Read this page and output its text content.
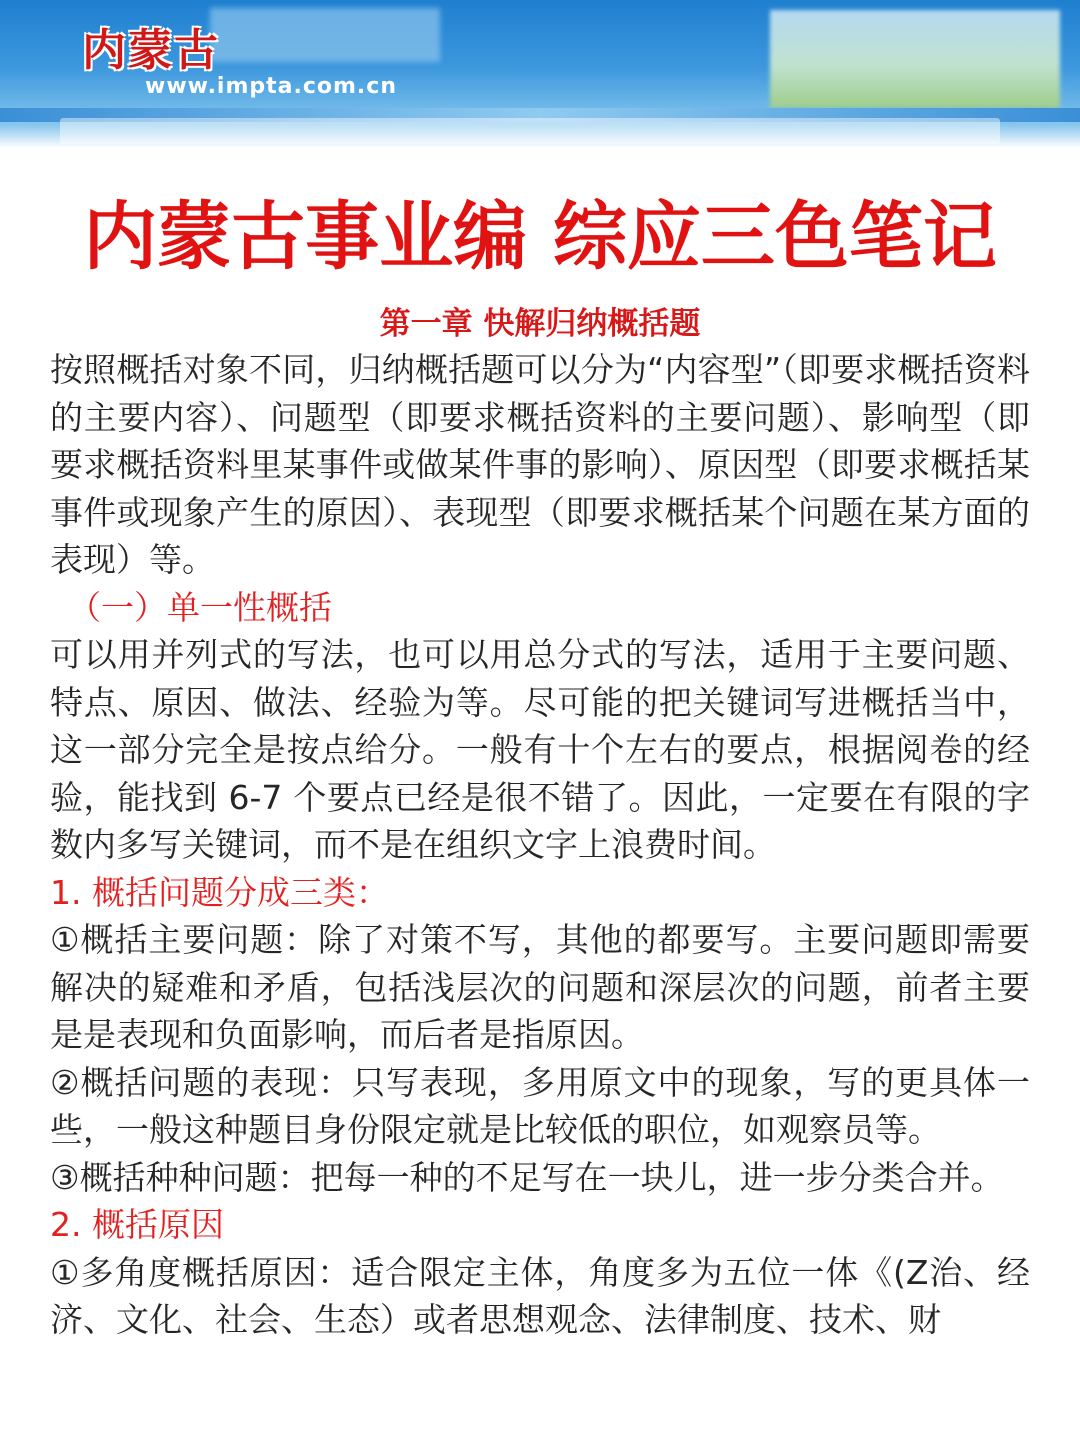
内蒙古
www.impta.com.cn
内蒙古事业编 综应三色笔记
第一章 快解归纳概括题

按照概括对象不同，归纳概括题可以分为“内容型”（即要求概括资料的主要内容）、问题型（即要求概括资料的主要问题）、影响型（即要求概括资料里某事件或做某件事的影响）、原因型（即要求概括某事件或现象产生的原因）、表现型（即要求概括某个问题在某方面的表现）等。

（一）单一性概括

可以用并列式的写法，也可以用总分式的写法，适用于主要问题、特点、原因、做法、经验为等。尽可能的把关键词写进概括当中，这一部分完全是按点给分。一般有十个左右的要点，根据阅卷的经验，能找到 6-7 个要点已经是很不错了。因此，一定要在有限的字数内多写关键词，而不是在组织文字上浪费时间。

1. 概括问题分成三类：

①概括主要问题：除了对策不写，其他的都要写。主要问题即需要解决的疑难和矛盾，包括浅层次的问题和深层次的问题，前者主要是是表现和负面影响，而后者是指原因。

②概括问题的表现：只写表现，多用原文中的现象，写的更具体一些，一般这种题目身份限定就是比较低的职位，如观察员等。

③概括种种问题：把每一种的不足写在一块儿，进一步分类合并。

2. 概括原因

①多角度概括原因：适合限定主体，角度多为五位一体《(Z治、经济、文化、社会、生态）或者思想观念、法律制度、技术、财
